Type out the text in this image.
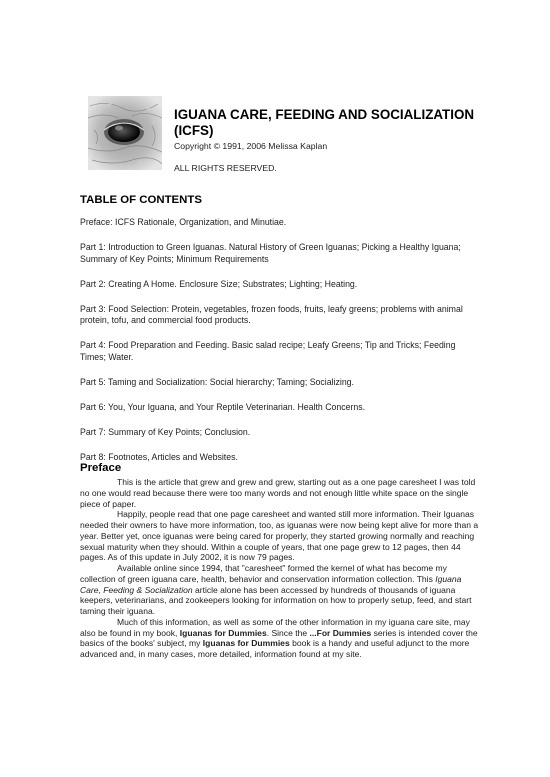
IGUANA CARE, FEEDING AND SOCIALIZATION
(ICFS)

Copyright © 1991, 2006 Melissa Kaplan

ALL RIGHTS RESERVED.

TABLE OF CONTENTS

Preface: ICFS Rationale, Organization, and Minutiae.

Part 1: Introduction to Green Iguanas. Natural History of Green Iguanas; Picking a Healthy Iguana; Summary of Key Points; Minimum Requirements

Part 2: Creating A Home. Enclosure Size; Substrates; Lighting; Heating.

Part 3: Food Selection: Protein, vegetables, frozen foods, fruits, leafy greens; problems with animal protein, tofu, and commercial food products.

Part 4: Food Preparation and Feeding. Basic salad recipe; Leafy Greens; Tip and Tricks; Feeding Times; Water.

Part 5: Taming and Socialization: Social hierarchy; Taming; Socializing.

Part 6: You, Your Iguana, and Your Reptile Veterinarian. Health Concerns.

Part 7: Summary of Key Points; Conclusion.

Part 8: Footnotes, Articles and Websites.

Preface

This is the article that grew and grew and grew, starting out as a one page caresheet I was told no one would read because there were too many words and not enough little white space on the single piece of paper.

Happily, people read that one page caresheet and wanted still more information. Their Iguanas needed their owners to have more information, too, as iguanas were now being kept alive for more than a year. Better yet, once iguanas were being cared for properly, they started growing normally and reaching sexual maturity when they should. Within a couple of years, that one page grew to 12 pages, then 44 pages. As of this update in July 2002, it is now 79 pages.

Available online since 1994, that "caresheet" formed the kernel of what has become my collection of green iguana care, health, behavior and conservation information collection. This Iguana Care, Feeding & Socialization article alone has been accessed by hundreds of thousands of iguana keepers, veterinarians, and zookeepers looking for information on how to properly setup, feed, and start taming their iguana.

Much of this information, as well as some of the other information in my iguana care site, may also be found in my book, Iguanas for Dummies. Since the ...For Dummies series is intended cover the basics of the books' subject, my Iguanas for Dummies book is a handy and useful adjunct to the more advanced and, in many cases, more detailed, information found at my site.
